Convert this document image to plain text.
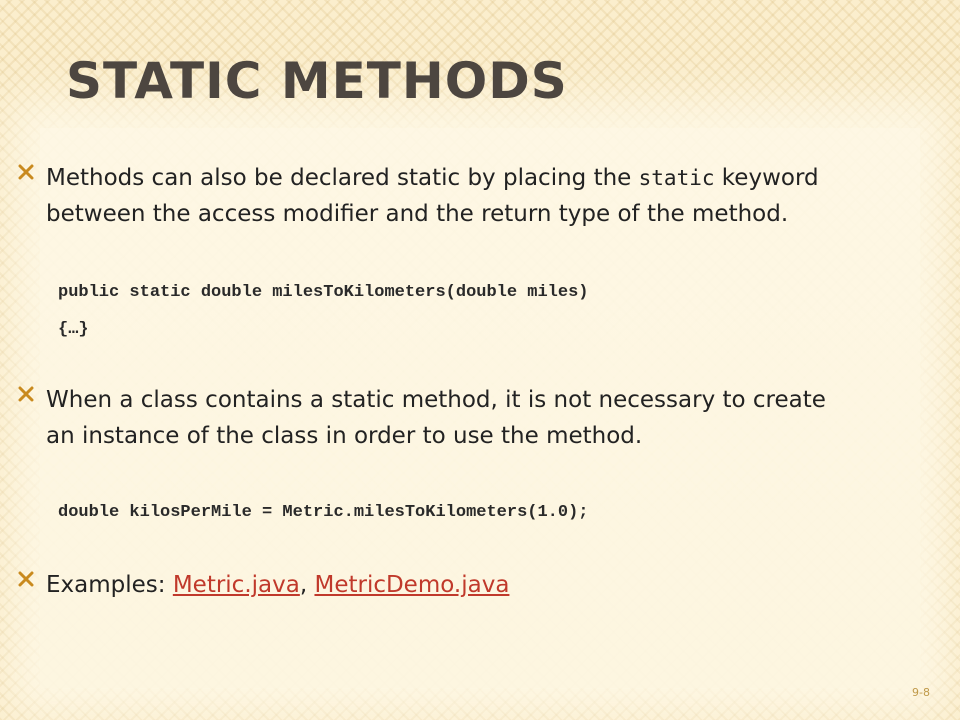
STATIC METHODS
Methods can also be declared static by placing the static keyword between the access modifier and the return type of the method.
public static double milesToKilometers(double miles)
{…}
When a class contains a static method, it is not necessary to create an instance of the class in order to use the method.
double kilosPerMile = Metric.milesToKilometers(1.0);
Examples: Metric.java, MetricDemo.java
9-8
